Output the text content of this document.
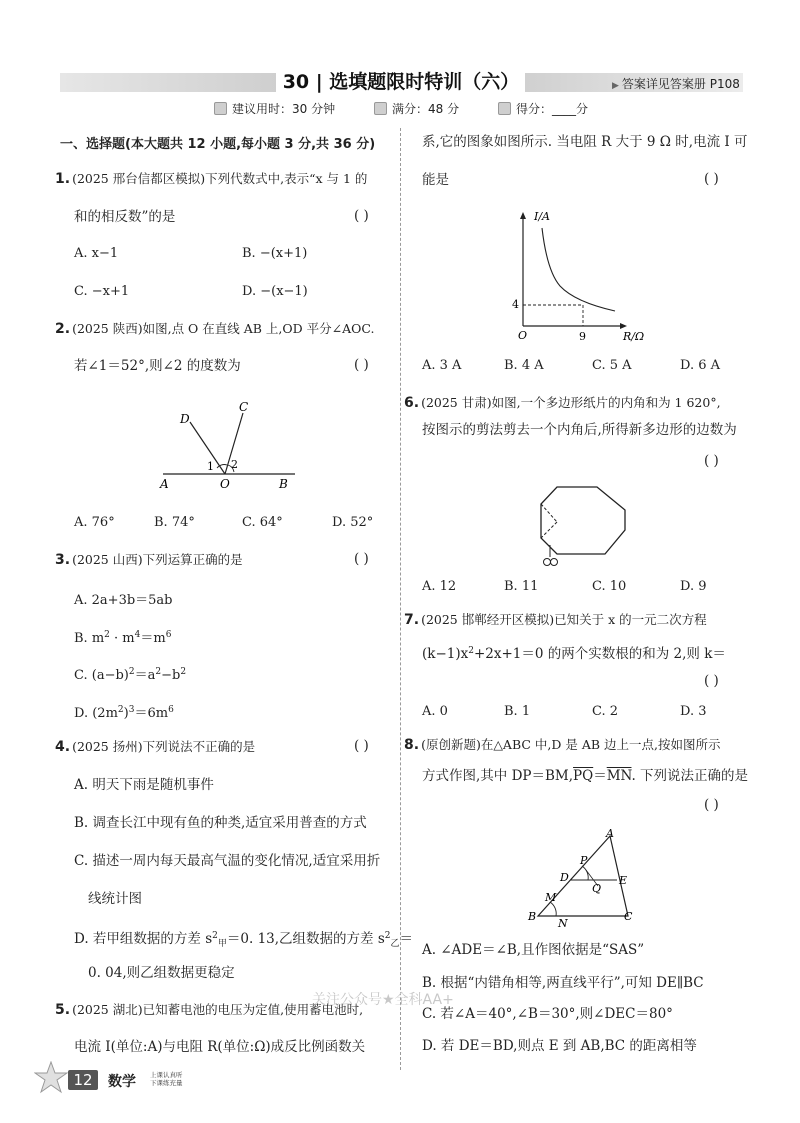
30 | 选填题限时特训（六）	▶ 答案详见答案册 P108
建议用时：30 分钟	满分：48 分	得分：____分
一、选择题(本大题共 12 小题,每小题 3 分,共 36 分)
1. (2025 邢台信都区模拟)下列代数式中,表示“x 与 1 的
和的相反数”的是	( )
A. x−1	B. −(x+1)
C. −x+1	D. −(x−1)
2. (2025 陕西)如图,点 O 在直线 AB 上,OD 平分∠AOC.
若∠1＝52°,则∠2 的度数为	( )
D
C
A	O	B
1 2
A. 76°	B. 74°	C. 64°	D. 52°
3. (2025 山西)下列运算正确的是	( )
A. 2a+3b＝5ab
B. $m^2 \cdot m^4=m^6$
C. $(a-b)^2=a^2-b^2$
D. $(2m^2)^3=6m^6$
4. (2025 扬州)下列说法不正确的是	( )
A. 明天下雨是随机事件
B. 调查长江中现有鱼的种类,适宜采用普查的方式
C. 描述一周内每天最高气温的变化情况,适宜采用折
线统计图
D. 若甲组数据的方差 $s^2_甲=0$. 13,乙组数据的方差 $s^2_乙=$
0. 04,则乙组数据更稳定
5. (2025 湖北)已知蓄电池的电压为定值,使用蓄电池时,
电流 I(单位:A)与电阻 R(单位:Ω)成反比例函数关
系,它的图象如图所示. 当电阻 R 大于 9 Ω 时,电流 I 可
能是	( )
I/A
R/Ω
O
4
9
A. 3 A	B. 4 A	C. 5 A	D. 6 A
6. (2025 甘肃)如图,一个多边形纸片的内角和为 1 620°,
按图示的剪法剪去一个内角后,所得新多边形的边数为
( )
A. 12	B. 11	C. 10	D. 9
7. (2025 邯郸经开区模拟)已知关于 x 的一元二次方程
$(k-1)x^2+2x+1=0$ 的两个实数根的和为 2,则 k＝
( )
A. 0	B. 1	C. 2	D. 3
8. (原创新题)在△ABC 中,D 是 AB 边上一点,按如图所示
方式作图,其中 $DP=BM,\overline{PQ}=\overline{MN}$. 下列说法正确的是
( )
A
B	C
D	E
P
Q
M
N
A. ∠ADE＝∠B,且作图依据是“SAS”
B. 根据“内错角相等,两直线平行”,可知 DE∥BC
C. 若∠A＝40°,∠B＝30°,则∠DEC＝80°
D. 若 DE＝BD,则点 E 到 AB,BC 的距离相等
关注公众号★全科AA+
12	数学 上课认真听
下课练充量
